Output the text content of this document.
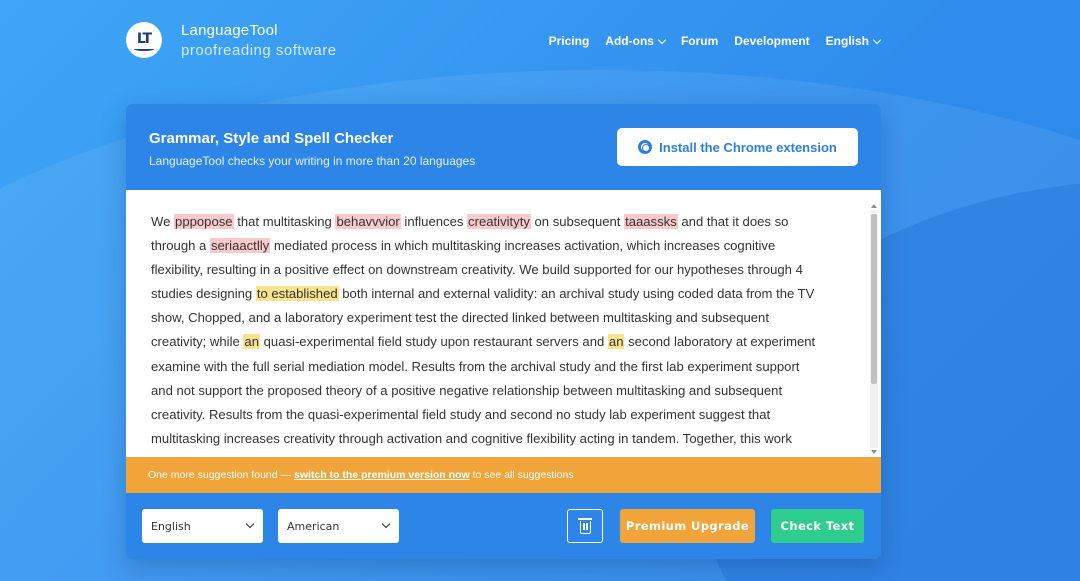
LT LanguageTool
proofreading software
Pricing Add-ons Forum Development English
Grammar, Style and Spell Checker
LanguageTool checks your writing in more than 20 languages
Install the Chrome extension
We pppopose that multitasking behavvvior influences creativityty on subsequent taaassks and that it does so
through a seriaactlly mediated process in which multitasking increases activation, which increases cognitive
flexibility, resulting in a positive effect on downstream creativity. We build supported for our hypotheses through 4
studies designing to established both internal and external validity: an archival study using coded data from the TV
show, Chopped, and a laboratory experiment test the directed linked between multitasking and subsequent
creativity; while an quasi-experimental field study upon restaurant servers and an second laboratory at experiment
examine with the full serial mediation model. Results from the archival study and the first lab experiment support
and not support the proposed theory of a positive negative relationship between multitasking and subsequent
creativity. Results from the quasi-experimental field study and second no study lab experiment suggest that
multitasking increases creativity through activation and cognitive flexibility acting in tandem. Together, this work
One more suggestion found — switch to the premium version now to see all suggestions
English	American	Premium Upgrade	Check Text
